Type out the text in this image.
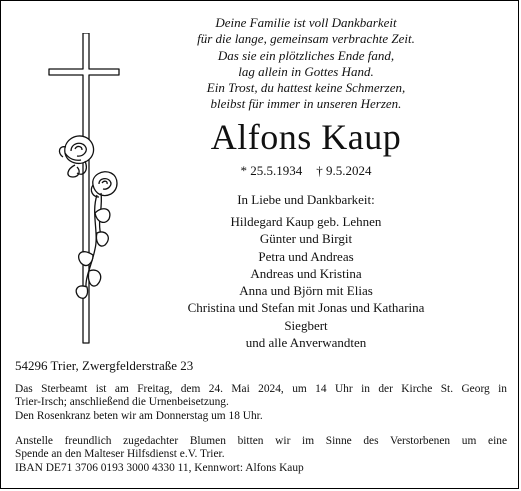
Deine Familie ist voll Dankbarkeit
für die lange, gemeinsam verbrachte Zeit.
Das sie ein plötzliches Ende fand,
lag allein in Gottes Hand.
Ein Trost, du hattest keine Schmerzen,
bleibst für immer in unseren Herzen.
Alfons Kaup
* 25.5.1934 † 9.5.2024
In Liebe und Dankbarkeit:
Hildegard Kaup geb. Lehnen
Günter und Birgit
Petra und Andreas
Andreas und Kristina
Anna und Björn mit Elias
Christina und Stefan mit Jonas und Katharina
Siegbert
und alle Anverwandten
54296 Trier, Zwergfelderstraße 23
Das Sterbeamt ist am Freitag, dem 24. Mai 2024, um 14 Uhr in der Kirche St. Georg in
Trier-Irsch; anschließend die Urnenbeisetzung.
Den Rosenkranz beten wir am Donnerstag um 18 Uhr.
Anstelle freundlich zugedachter Blumen bitten wir im Sinne des Verstorbenen um eine
Spende an den Malteser Hilfsdienst e.V. Trier.
IBAN DE71 3706 0193 3000 4330 11, Kennwort: Alfons Kaup
